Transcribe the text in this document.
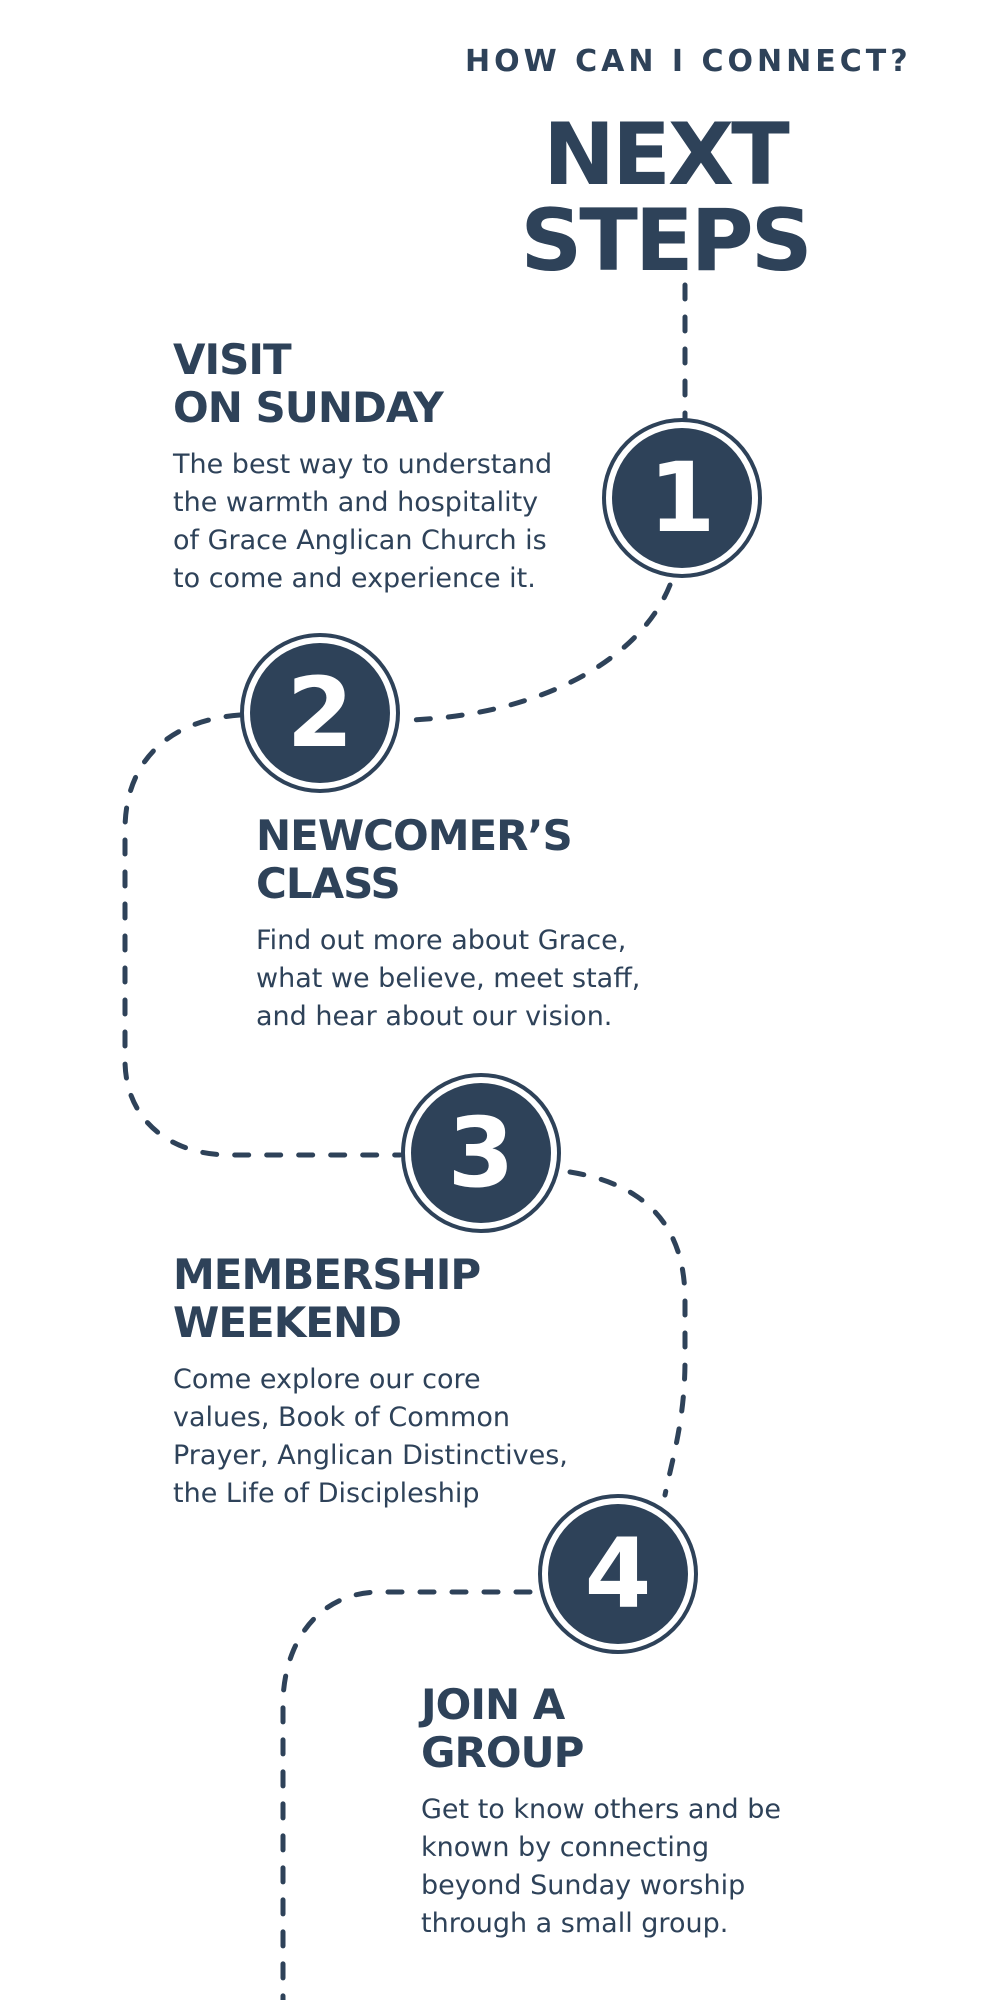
HOW CAN I CONNECT?
NEXT
STEPS
1
VISIT
ON SUNDAY

The best way to understand
the warmth and hospitality
of Grace Anglican Church is
to come and experience it.

2
NEWCOMER’S
CLASS

Find out more about Grace,
what we believe, meet staff,
and hear about our vision.

3
MEMBERSHIP
WEEKEND

Come explore our core
values, Book of Common
Prayer, Anglican Distinctives,
the Life of Discipleship

4
JOIN A
GROUP

Get to know others and be
known by connecting
beyond Sunday worship
through a small group.
